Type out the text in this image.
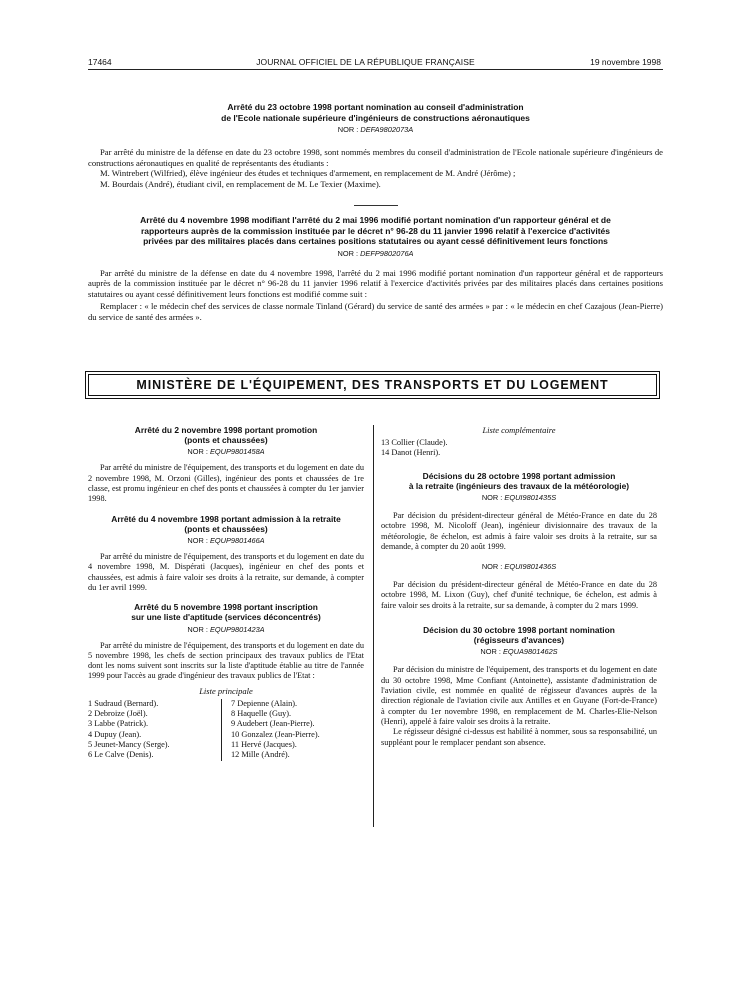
17464	JOURNAL OFFICIEL DE LA RÉPUBLIQUE FRANÇAISE	19 novembre 1998
Arrêté du 23 octobre 1998 portant nomination au conseil d'administration
de l'Ecole nationale supérieure d'ingénieurs de constructions aéronautiques
NOR : DEFA9802073A

Par arrêté du ministre de la défense en date du 23 octobre 1998, sont nommés membres du conseil d'administration de l'Ecole nationale supérieure d'ingénieurs de constructions aéronautiques en qualité de représentants des étudiants :

M. Wintrebert (Wilfried), élève ingénieur des études et techniques d'armement, en remplacement de M. André (Jérôme) ;

M. Bourdais (André), étudiant civil, en remplacement de M. Le Texier (Maxime).

Arrêté du 4 novembre 1998 modifiant l'arrêté du 2 mai 1996 modifié portant nomination d'un rapporteur général et de
rapporteurs auprès de la commission instituée par le décret n° 96-28 du 11 janvier 1996 relatif à l'exercice d'activités
privées par des militaires placés dans certaines positions statutaires ou ayant cessé définitivement leurs fonctions
NOR : DEFP9802076A

Par arrêté du ministre de la défense en date du 4 novembre 1998, l'arrêté du 2 mai 1996 modifié portant nomination d'un rapporteur général et de rapporteurs auprès de la commission instituée par le décret n° 96-28 du 11 janvier 1996 relatif à l'exercice d'activités privées par des militaires placés dans certaines positions statutaires ou ayant cessé définitivement leurs fonctions est modifié comme suit :

Remplacer : « le médecin chef des services de classe normale Tinland (Gérard) du service de santé des armées » par : « le médecin en chef Cazajous (Jean-Pierre) du service de santé des armées ».

MINISTÈRE DE L'ÉQUIPEMENT, DES TRANSPORTS ET DU LOGEMENT
Arrêté du 2 novembre 1998 portant promotion
(ponts et chaussées)
NOR : EQUP9801458A

Par arrêté du ministre de l'équipement, des transports et du logement en date du 2 novembre 1998, M. Orzoni (Gilles), ingénieur des ponts et chaussées de 1re classe, est promu ingénieur en chef des ponts et chaussées à compter du 1er janvier 1998.

Arrêté du 4 novembre 1998 portant admission à la retraite
(ponts et chaussées)
NOR : EQUP9801466A

Par arrêté du ministre de l'équipement, des transports et du logement en date du 4 novembre 1998, M. Dispérati (Jacques), ingénieur en chef des ponts et chaussées, est admis à faire valoir ses droits à la retraite, sur demande, à compter du 1er avril 1999.

Arrêté du 5 novembre 1998 portant inscription
sur une liste d'aptitude (services déconcentrés)
NOR : EQUP9801423A

Par arrêté du ministre de l'équipement, des transports et du logement en date du 5 novembre 1998, les chefs de section principaux des travaux publics de l'Etat dont les noms suivent sont inscrits sur la liste d'aptitude établie au titre de l'année 1999 pour l'accès au grade d'ingénieur des travaux publics de l'Etat :

Liste principale
1 Sudraud (Bernard).
2 Debroize (Joël).
3 Labbe (Patrick).
4 Dupuy (Jean).
5 Jeunet-Mancy (Serge).
6 Le Calve (Denis).
7 Depienne (Alain).
8 Haquelle (Guy).
9 Audebert (Jean-Pierre).
10 Gonzalez (Jean-Pierre).
11 Hervé (Jacques).
12 Mille (André).
Liste complémentaire
13 Collier (Claude).
14 Danot (Henri).
Décisions du 28 octobre 1998 portant admission
à la retraite (ingénieurs des travaux de la météorologie)
NOR : EQUI9801435S

Par décision du président-directeur général de Météo-France en date du 28 octobre 1998, M. Nicoloff (Jean), ingénieur divisionnaire des travaux de la météorologie, 8e échelon, est admis à faire valoir ses droits à la retraite, sur sa demande, à compter du 20 août 1999.

NOR : EQUI9801436S

Par décision du président-directeur général de Météo-France en date du 28 octobre 1998, M. Lixon (Guy), chef d'unité technique, 6e échelon, est admis à faire valoir ses droits à la retraite, sur sa demande, à compter du 2 mars 1999.

Décision du 30 octobre 1998 portant nomination
(régisseurs d'avances)
NOR : EQUA9801462S

Par décision du ministre de l'équipement, des transports et du logement en date du 30 octobre 1998, Mme Confiant (Antoinette), assistante d'administration de l'aviation civile, est nommée en qualité de régisseur d'avances auprès de la direction régionale de l'aviation civile aux Antilles et en Guyane (Fort-de-France) à compter du 1er novembre 1998, en remplacement de M. Charles-Elie-Nelson (Henri), appelé à faire valoir ses droits à la retraite.

Le régisseur désigné ci-dessus est habilité à nommer, sous sa responsabilité, un suppléant pour le remplacer pendant son absence.
